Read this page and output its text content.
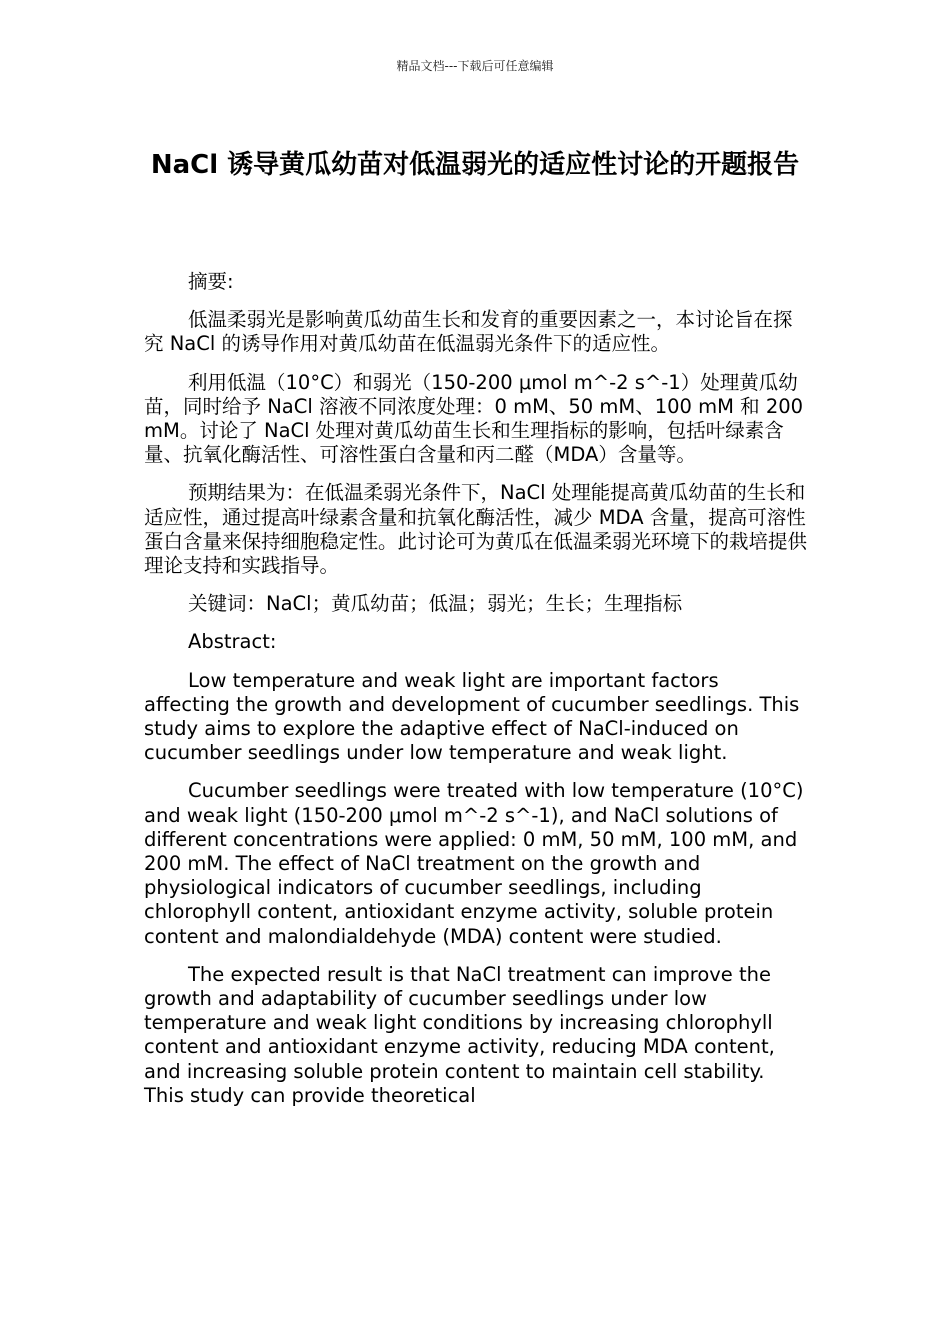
精品文档---下载后可任意编辑
NaCl 诱导黄瓜幼苗对低温弱光的适应性讨论的开题报告

摘要:

低温柔弱光是影响黄瓜幼苗生长和发育的重要因素之一，本讨论旨在探究 NaCl 的诱导作用对黄瓜幼苗在低温弱光条件下的适应性。

利用低温（10°C）和弱光（150-200 μmol m^-2 s^-1）处理黄瓜幼苗，同时给予 NaCl 溶液不同浓度处理：0 mM、50 mM、100 mM 和 200 mM。讨论了 NaCl 处理对黄瓜幼苗生长和生理指标的影响，包括叶绿素含量、抗氧化酶活性、可溶性蛋白含量和丙二醛（MDA）含量等。

预期结果为：在低温柔弱光条件下，NaCl 处理能提高黄瓜幼苗的生长和适应性，通过提高叶绿素含量和抗氧化酶活性，减少 MDA 含量，提高可溶性蛋白含量来保持细胞稳定性。此讨论可为黄瓜在低温柔弱光环境下的栽培提供理论支持和实践指导。

关键词：NaCl；黄瓜幼苗；低温；弱光；生长；生理指标

Abstract:

Low temperature and weak light are important factors affecting the growth and development of cucumber seedlings. This study aims to explore the adaptive effect of NaCl-induced on cucumber seedlings under low temperature and weak light.

Cucumber seedlings were treated with low temperature (10°C) and weak light (150-200 μmol m^-2 s^-1), and NaCl solutions of different concentrations were applied: 0 mM, 50 mM, 100 mM, and 200 mM. The effect of NaCl treatment on the growth and physiological indicators of cucumber seedlings, including chlorophyll content, antioxidant enzyme activity, soluble protein content and malondialdehyde (MDA) content were studied.

The expected result is that NaCl treatment can improve the growth and adaptability of cucumber seedlings under low temperature and weak light conditions by increasing chlorophyll content and antioxidant enzyme activity, reducing MDA content, and increasing soluble protein content to maintain cell stability. This study can provide theoretical
